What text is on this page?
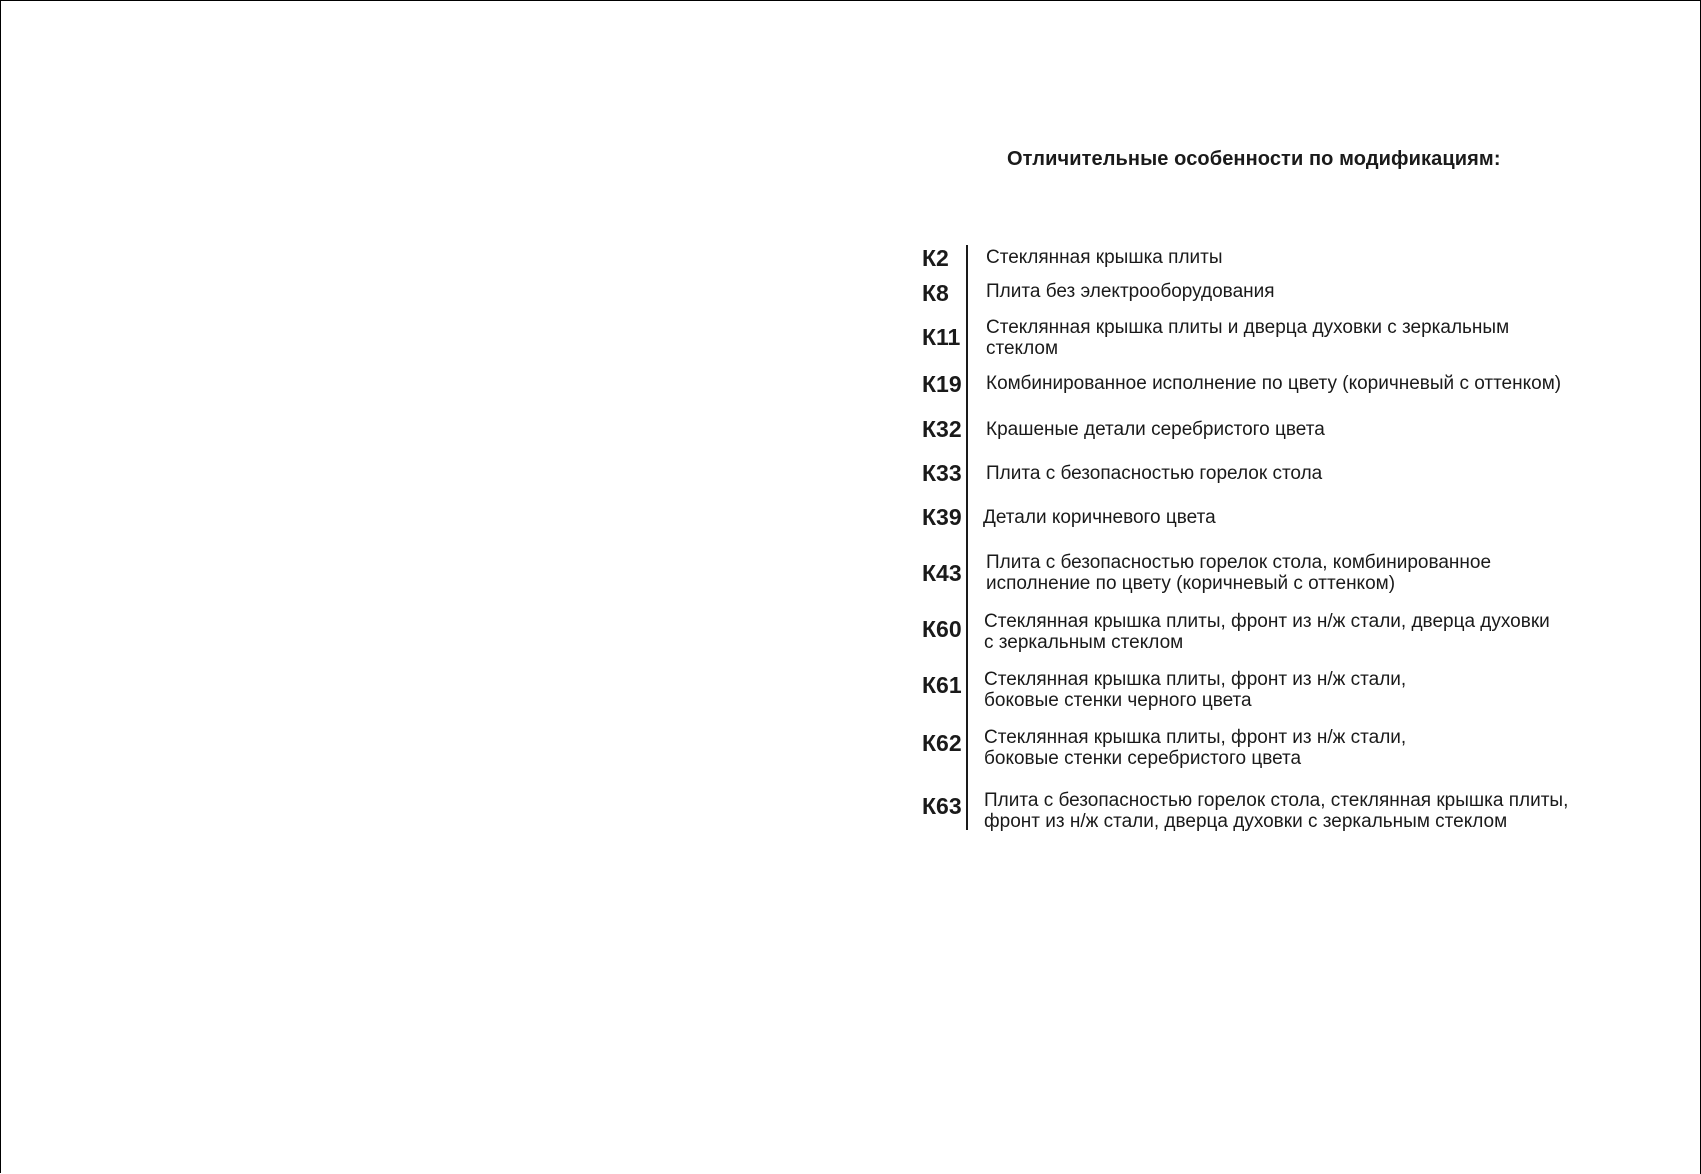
Отличительные особенности по модификациям:
К2 Стеклянная крышка плиты
К8 Плита без электрооборудования
К11 Стеклянная крышка плиты и дверца духовки с зеркальным
стеклом
К19 Комбинированное исполнение по цвету (коричневый с оттенком)
К32 Крашеные детали серебристого цвета
К33 Плита с безопасностью горелок стола
К39 Детали коричневого цвета
К43 Плита с безопасностью горелок стола, комбинированное
исполнение по цвету (коричневый с оттенком)
К60 Стеклянная крышка плиты, фронт из н/ж стали, дверца духовки
с зеркальным стеклом
К61 Стеклянная крышка плиты, фронт из н/ж стали,
боковые стенки черного цвета
К62 Стеклянная крышка плиты, фронт из н/ж стали,
боковые стенки серебристого цвета
К63 Плита с безопасностью горелок стола, стеклянная крышка плиты,
фронт из н/ж стали, дверца духовки с зеркальным стеклом
